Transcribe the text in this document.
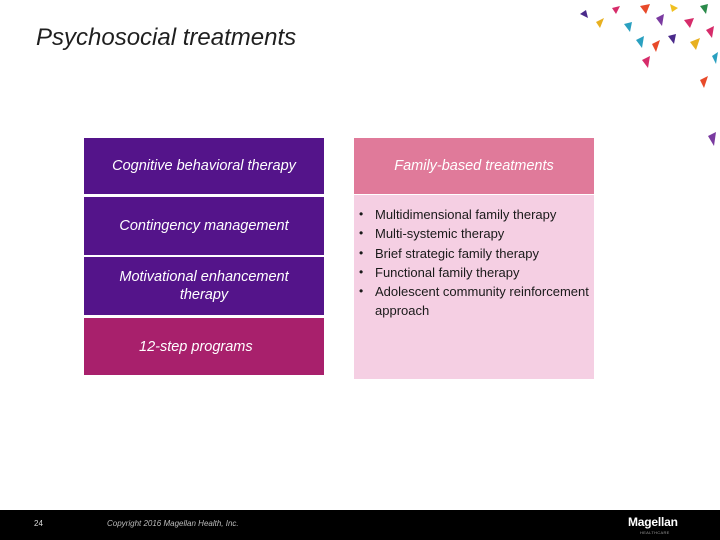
Psychosocial treatments
Cognitive behavioral therapy
Contingency management
Motivational enhancement therapy
12-step programs
Family-based treatments
• Multidimensional family therapy
• Multi-systemic therapy
• Brief strategic family therapy
• Functional family therapy
• Adolescent community reinforcement approach
24	Copyright 2016 Magellan Health, Inc.	Magellan
HEALTHCARE
